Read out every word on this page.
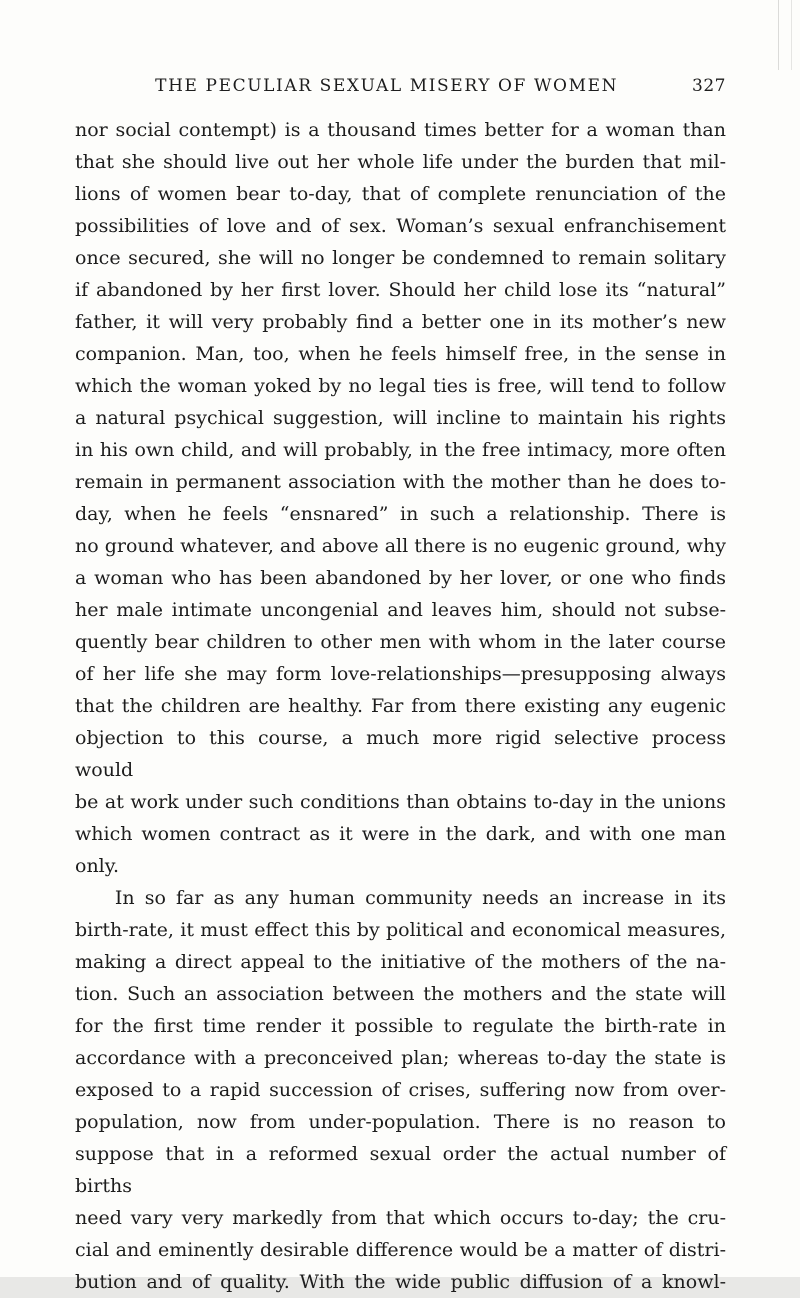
THE PECULIAR SEXUAL MISERY OF WOMEN	327
nor social contempt) is a thousand times better for a woman than
that she should live out her whole life under the burden that mil-
lions of women bear to-day, that of complete renunciation of the
possibilities of love and of sex. Woman’s sexual enfranchisement
once secured, she will no longer be condemned to remain solitary
if abandoned by her first lover. Should her child lose its “natural”
father, it will very probably find a better one in its mother’s new
companion. Man, too, when he feels himself free, in the sense in
which the woman yoked by no legal ties is free, will tend to follow
a natural psychical suggestion, will incline to maintain his rights
in his own child, and will probably, in the free intimacy, more often
remain in permanent association with the mother than he does to-
day, when he feels “ensnared” in such a relationship. There is
no ground whatever, and above all there is no eugenic ground, why
a woman who has been abandoned by her lover, or one who finds
her male intimate uncongenial and leaves him, should not subse-
quently bear children to other men with whom in the later course
of her life she may form love-relationships—presupposing always
that the children are healthy. Far from there existing any eugenic
objection to this course, a much more rigid selective process would
be at work under such conditions than obtains to-day in the unions
which women contract as it were in the dark, and with one man
only.
In so far as any human community needs an increase in its
birth-rate, it must effect this by political and economical measures,
making a direct appeal to the initiative of the mothers of the na-
tion. Such an association between the mothers and the state will
for the first time render it possible to regulate the birth-rate in
accordance with a preconceived plan; whereas to-day the state is
exposed to a rapid succession of crises, suffering now from over-
population, now from under-population. There is no reason to
suppose that in a reformed sexual order the actual number of births
need vary very markedly from that which occurs to-day; the cru-
cial and eminently desirable difference would be a matter of distri-
bution and of quality. With the wide public diffusion of a knowl-
